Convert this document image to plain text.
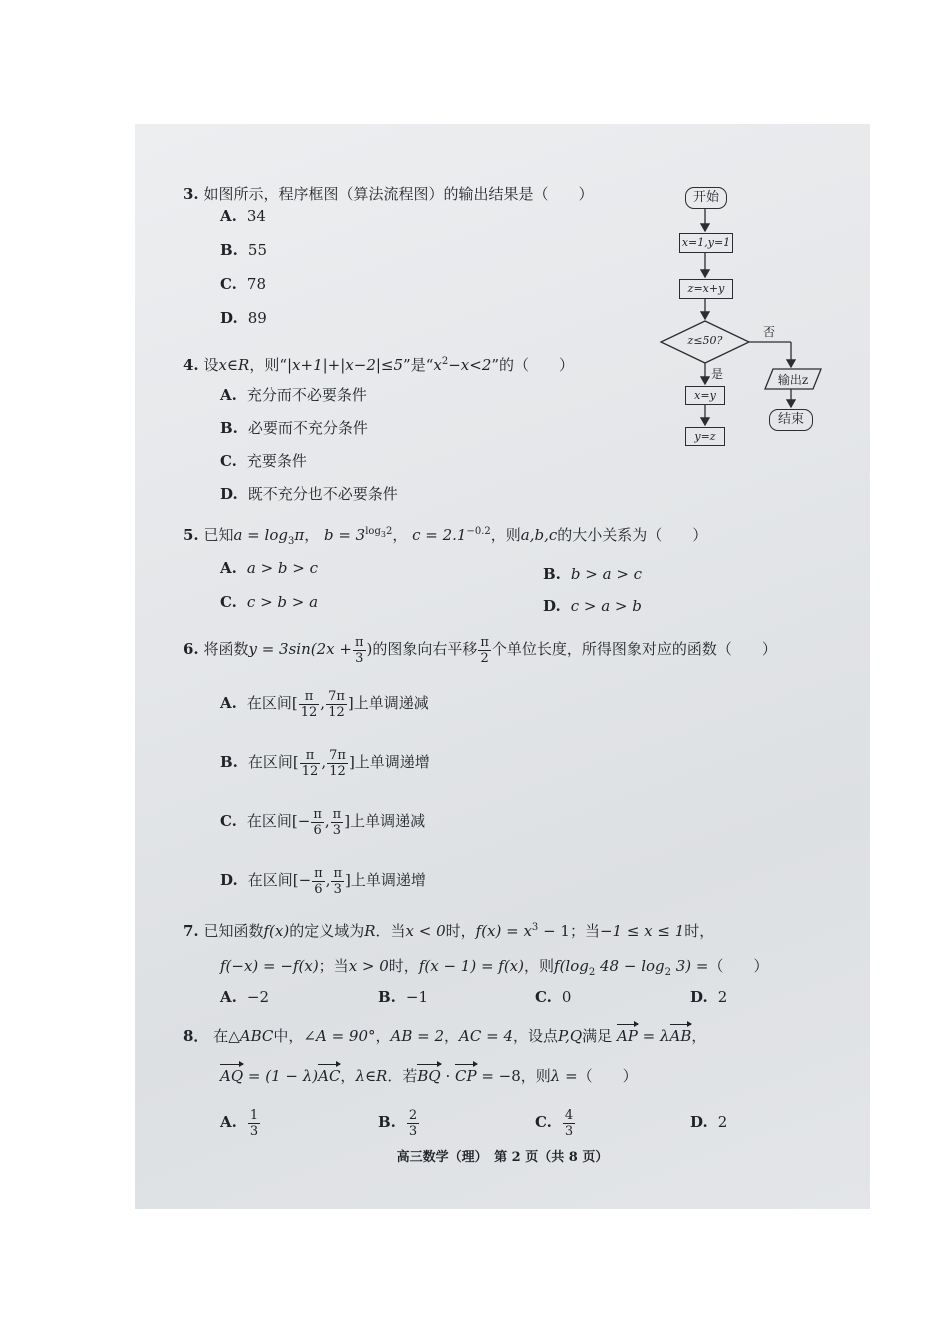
3. 如图所示，程序框图（算法流程图）的输出结果是（　　）
A. 34
B. 55
C. 78
D. 89
开始
x=1,y=1
z=x+y
z≤50?
是
否
x=y
y=z
输出z
结束
4. 设x∈R，则“|x+1|+|x−2|≤5”是“$x^2-x<2$”的（　　）
A. 充分而不必要条件
B. 必要而不充分条件
C. 充要条件
D. 既不充分也不必要条件
5. 已知$a = \log_3\pi$， $b = 3^{log_32}$， $c = 2.1^{-0.2}$，则a,b,c的大小关系为（　　）
A. a > b > c	B. b > a > c
C. c > b > a	D. c > a > b
6. 将函数$y = 3\sin(2x + \frac{\pi}{3}$ )的图象向右平移 $\frac{\pi}{2}$ 个单位长度，所得图象对应的函数（　　）
A. 在区间[ $\frac{\pi}{12}$ , $\frac{7\pi}{12}$ ]上单调递减
B. 在区间[ $\frac{\pi}{12}$ , $\frac{7\pi}{12}$ ]上单调递增
C. 在区间[− $\frac{\pi}{6}$ , $\frac{\pi}{3}$ ]上单调递减
D. 在区间[− $\frac{\pi}{6}$ , $\frac{\pi}{3}$ ]上单调递增
7. 已知函数f(x)的定义域为R．当x < 0时，$f(x) = x^3 - 1$；当−1 ≤ x ≤ 1时，
f(−x) = −f(x)；当x > 0时，f(x − 1) = f(x)，则$f(\log_2$ $48 - \log_2 3$) =（　　）
A. −2	B. −1	C. 0	D. 2
8． 在△ABC中，∠A = 90°，AB = 2，AC = 4，设点P,Q满足 AP = λAB，
AQ = (1 − λ)AC，λ∈R．若BQ · CP = −8，则λ =（　　）
A. $\frac{1}{3}$	B. $\frac{2}{3}$	C. $\frac{4}{3}$	D. 2
高三数学（理）　第 2 页（共 8 页）
